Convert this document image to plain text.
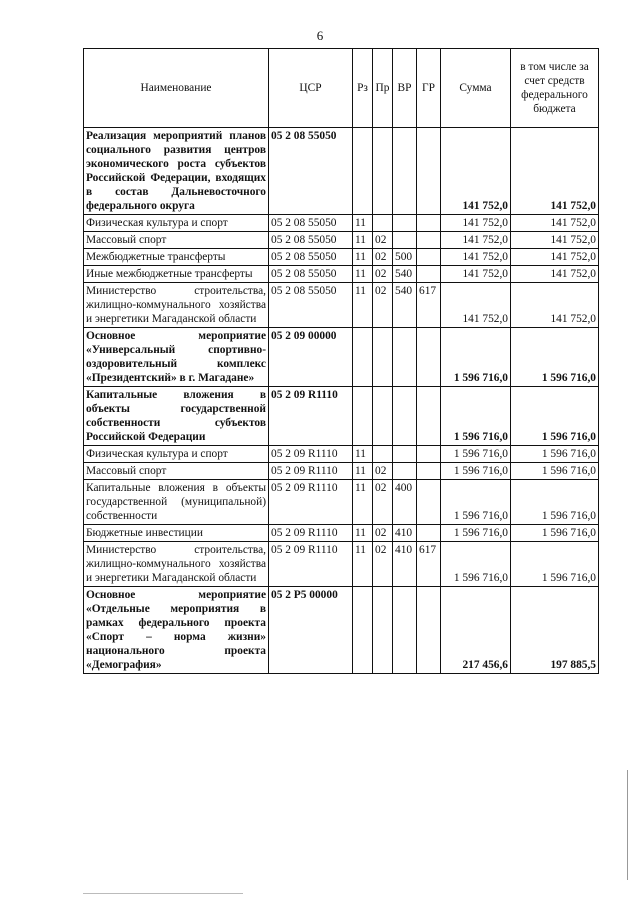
6
Наименование	ЦСР	Рз	Пр	ВР	ГР	Сумма	в том числе за счет средств федерального бюджета
Реализация мероприятий планов социального развития центров экономического роста субъектов Российской Федерации, входящих в состав Дальневосточного федерального округа	05 2 08 55050					141 752,0	141 752,0
Физическая культура и спорт	05 2 08 55050	11				141 752,0	141 752,0
Массовый спорт	05 2 08 55050	11	02			141 752,0	141 752,0
Межбюджетные трансферты	05 2 08 55050	11	02	500		141 752,0	141 752,0
Иные межбюджетные трансферты	05 2 08 55050	11	02	540		141 752,0	141 752,0
Министерство строительства, жилищно-коммунального хозяйства и энергетики Магаданской области	05 2 08 55050	11	02	540	617	141 752,0	141 752,0
Основное мероприятие «Универсальный спортивно-оздоровительный комплекс «Президентский» в г. Магадане»	05 2 09 00000					1 596 716,0	1 596 716,0
Капитальные вложения в объекты государственной собственности субъектов Российской Федерации	05 2 09 R1110					1 596 716,0	1 596 716,0
Физическая культура и спорт	05 2 09 R1110	11				1 596 716,0	1 596 716,0
Массовый спорт	05 2 09 R1110	11	02			1 596 716,0	1 596 716,0
Капитальные вложения в объекты государственной (муниципальной) собственности	05 2 09 R1110	11	02	400		1 596 716,0	1 596 716,0
Бюджетные инвестиции	05 2 09 R1110	11	02	410		1 596 716,0	1 596 716,0
Министерство строительства, жилищно-коммунального хозяйства и энергетики Магаданской области	05 2 09 R1110	11	02	410	617	1 596 716,0	1 596 716,0
Основное мероприятие «Отдельные мероприятия в рамках федерального проекта «Спорт – норма жизни» национального проекта «Демография»	05 2 P5 00000					217 456,6	197 885,5
